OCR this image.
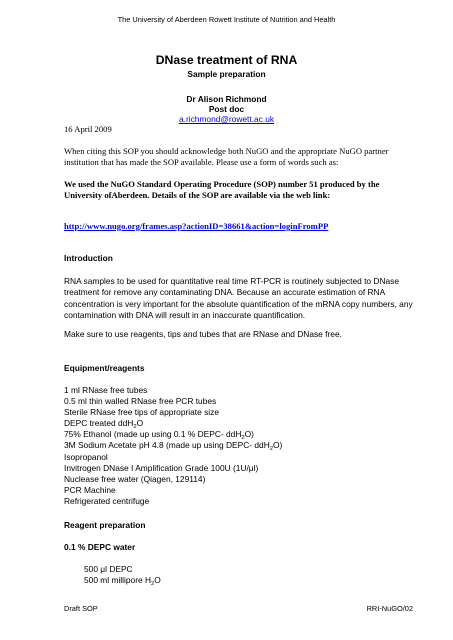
The University of Aberdeen Rowett Institute of Nutrition and Health
DNase treatment of RNA
Sample preparation
Dr Alison Richmond
Post doc
a.richmond@rowett.ac.uk
16 April 2009

When citing this SOP you should acknowledge both NuGO and the appropriate NuGO partner institution that has made the SOP available. Please use a form of words such as:

We used the NuGO Standard Operating Procedure (SOP) number 51 produced by the University ofAberdeen. Details of the SOP are available via the web link:

http://www.nugo.org/frames.asp?actionID=38661&action=loginFromPP
Introduction

RNA samples to be used for quantitative real time RT-PCR is routinely subjected to DNase treatment for remove any contaminating DNA. Because an accurate estimation of RNA concentration is very important for the absolute quantification of the mRNA copy numbers, any contamination with DNA will result in an inaccurate quantification.

Make sure to use reagents, tips and tubes that are RNase and DNase free.

Equipment/reagents
1 ml RNase free tubes
0.5 ml thin walled RNase free PCR tubes
Sterile RNase free tips of appropriate size
DEPC treated ddH$_2$O
75% Ethanol (made up using 0.1 % DEPC- ddH$_2$O)
3M Sodium Acetate pH 4.8 (made up using DEPC- ddH$_2$O)
Isopropanol
Invitrogen DNase I Amplification Grade 100U (1U/μl)
Nuclease free water (Qiagen, 129114)
PCR Machine
Refrigerated centrifuge
Reagent preparation
0.1 % DEPC water
500 μl DEPC
500 ml millipore $H_2O$
Draft SOP	RRI-NuGO/02
